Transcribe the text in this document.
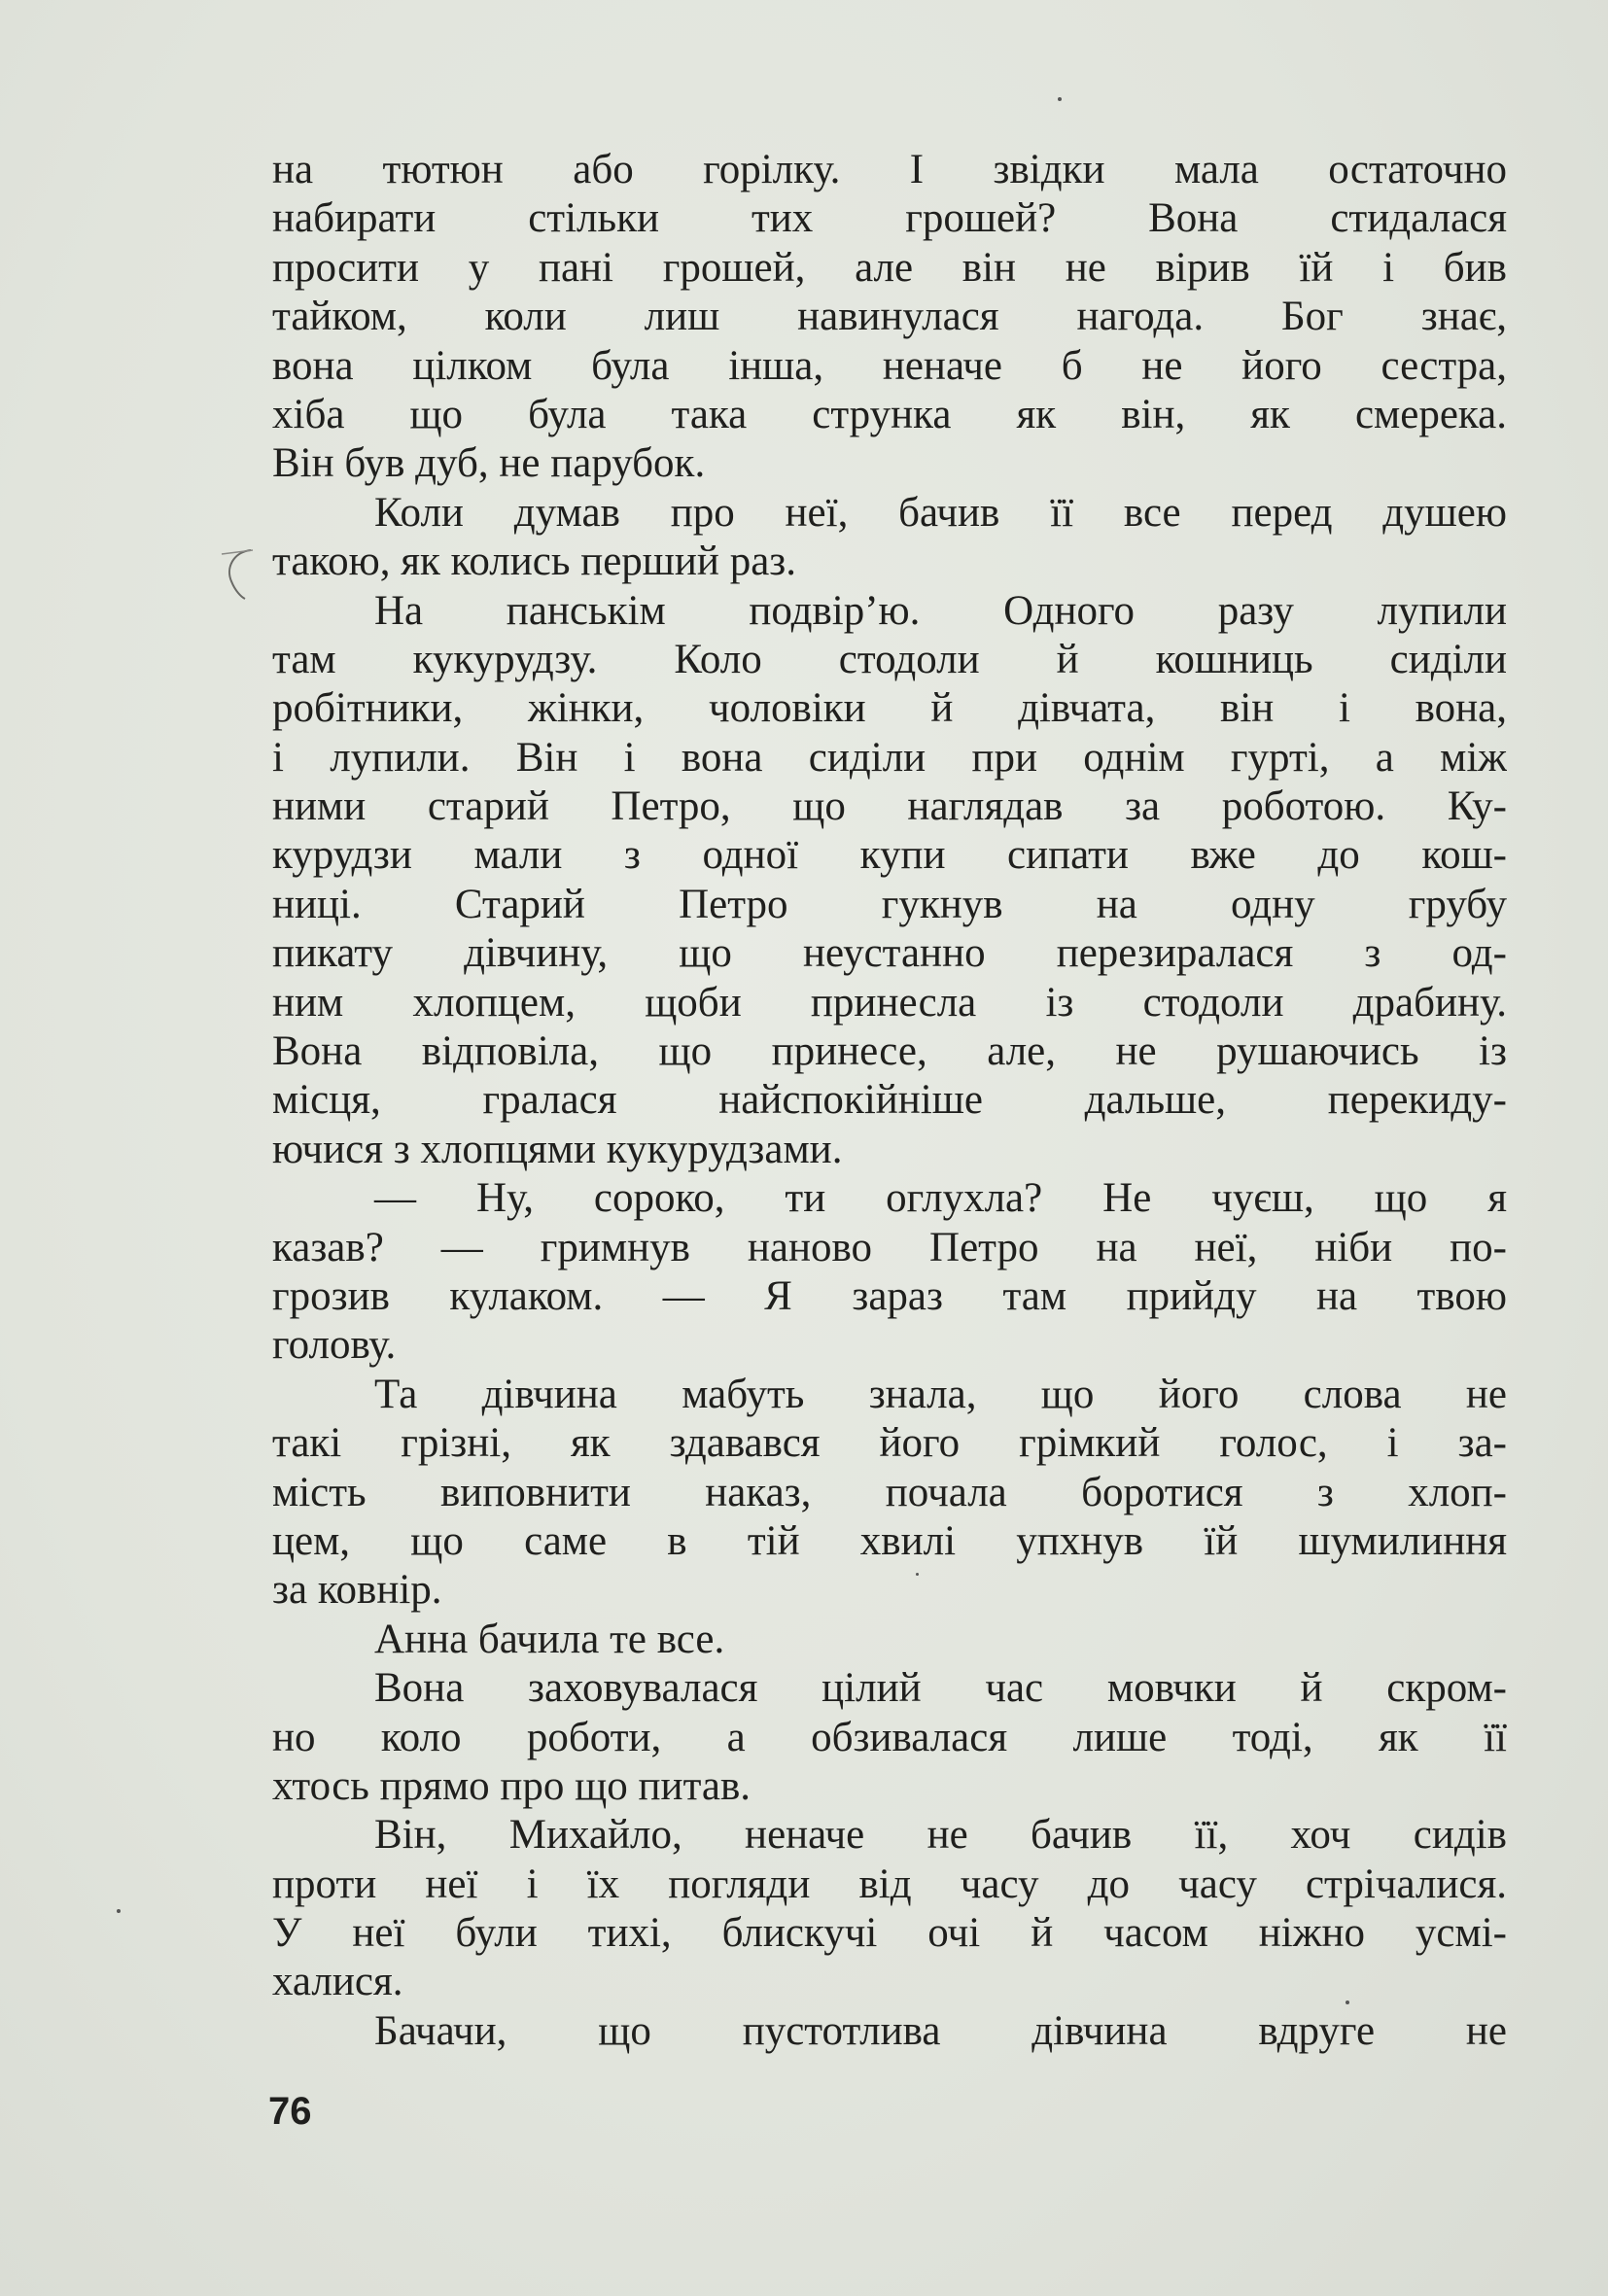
на тютюн або горілку. І звідки мала остаточно
набирати стільки тих грошей? Вона стидалася
просити у пані грошей, але він не вірив їй і бив
тайком, коли лиш навинулася нагода. Бог знає,
вона цілком була інша, неначе б не його сестра,
хіба що була така струнка як він, як смерека.
Він був дуб, не парубок.
Коли думав про неї, бачив її все перед душею
такою, як колись перший раз.
На панськім подвір’ю. Одного разу лупили
там кукурудзу. Коло стодоли й кошниць сиділи
робітники, жінки, чоловіки й дівчата, він і вона,
і лупили. Він і вона сиділи при однім гурті, а між
ними старий Петро, що наглядав за роботою. Ку-
курудзи мали з одної купи сипати вже до кош-
ниці. Старий Петро гукнув на одну грубу
пикату дівчину, що неустанно перезиралася з од-
ним хлопцем, щоби принесла із стодоли драбину.
Вона відповіла, що принесе, але, не рушаючись із
місця, гралася найспокійніше дальше, перекиду-
ючися з хлопцями кукурудзами.
— Ну, сороко, ти оглухла? Не чуєш, що я
казав? — гримнув наново Петро на неї, ніби по-
грозив кулаком. — Я зараз там прийду на твою
голову.
Та дівчина мабуть знала, що його слова не
такі грізні, як здавався його грімкий голос, і за-
мість виповнити наказ, почала боротися з хлоп-
цем, що саме в тій хвилі упхнув їй шумилиння
за ковнір.
Анна бачила те все.
Вона заховувалася цілий час мовчки й скром-
но коло роботи, а обзивалася лише тоді, як її
хтось прямо про що питав.
Він, Михайло, неначе не бачив її, хоч сидів
проти неї і їх погляди від часу до часу стрічалися.
У неї були тихі, блискучі очі й часом ніжно усмі-
халися.
Бачачи, що пустотлива дівчина вдруге не
76
